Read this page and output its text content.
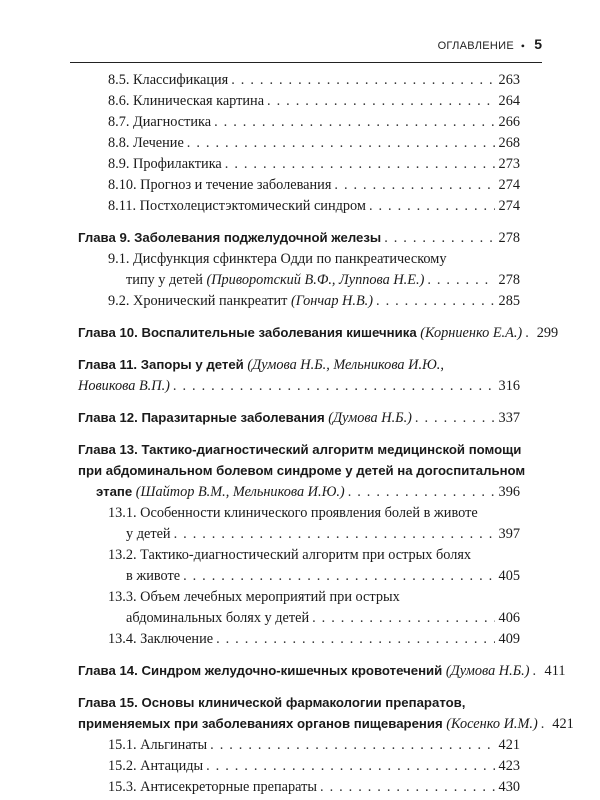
ОГЛАВЛЕНИЕ • 5
8.5. Классификация . . .	263
8.6. Клиническая картина . . .	264
8.7. Диагностика . . .	266
8.8. Лечение . . .	268
8.9. Профилактика . . .	273
8.10. Прогноз и течение заболевания . . .	274
8.11. Постхолецистэктомический синдром . . .	274
Глава 9. Заболевания поджелудочной железы . . .	278
9.1. Дисфункция сфинктера Одди по панкреатическому
типу у детей
(Приворотский В.Ф., Луппова Н.Е.) . . .	278
9.2. Хронический панкреатит
(Гончар Н.В.) . . .	285
Глава 10. Воспалительные заболевания кишечника
(Корниенко Е.А.) . . . 299
Глава 11. Запоры у детей
(Думова Н.Б., Мельникова И.Ю.,
Новикова В.П.) . . .	316
Глава 12. Паразитарные заболевания
(Думова Н.Б.) . . .	337
Глава 13. Тактико-диагностический алгоритм медицинской помощи
при абдоминальном болевом синдроме у детей на догоспитальном
этапе
(Шайтор В.М., Мельникова И.Ю.) . . .	396
13.1. Особенности клинического проявления болей в животе
у детей . . .	397
13.2. Тактико-диагностический алгоритм при острых болях
в животе . . .	405
13.3. Объем лечебных мероприятий при острых
абдоминальных болях у детей . . .	406
13.4. Заключение . . .	409
Глава 14. Синдром желудочно-кишечных кровотечений
(Думова Н.Б.) . . . 411
Глава 15. Основы клинической фармакологии препаратов,
применяемых при заболеваниях органов пищеварения
(Косенко И.М.) . . . 421
15.1. Альгинаты . . .	421
15.2. Антациды . . .	423
15.3. Антисекреторные препараты . . .	430
